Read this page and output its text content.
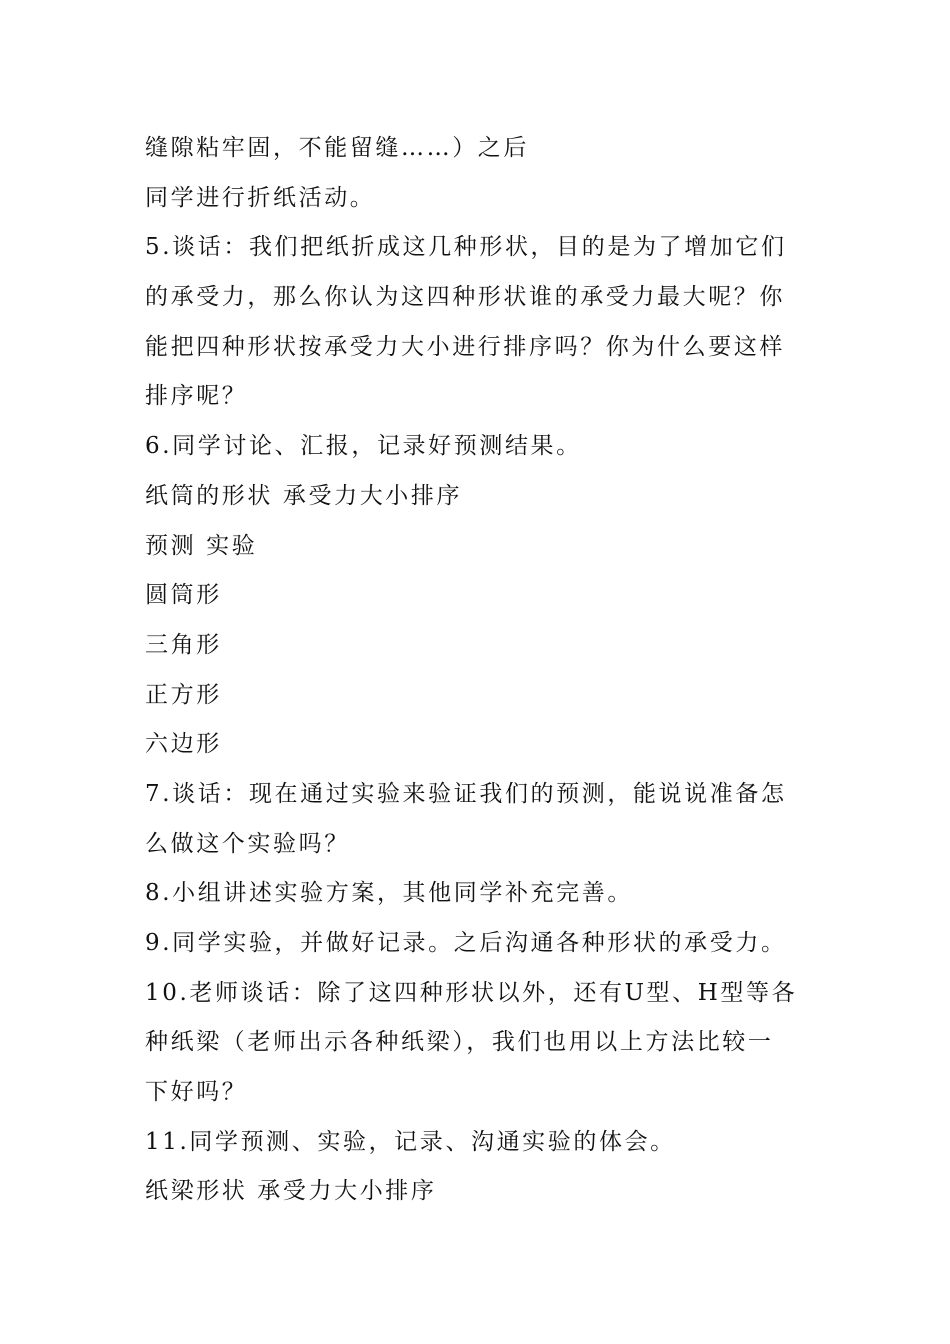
缝隙粘牢固，不能留缝……）之后
同学进行折纸活动。
5.谈话：我们把纸折成这几种形状，目的是为了增加它们
的承受力，那么你认为这四种形状谁的承受力最大呢？你
能把四种形状按承受力大小进行排序吗？你为什么要这样
排序呢？
6.同学讨论、汇报，记录好预测结果。
纸筒的形状 承受力大小排序
预测 实验
圆筒形
三角形
正方形
六边形
7.谈话：现在通过实验来验证我们的预测，能说说准备怎
么做这个实验吗？
8.小组讲述实验方案，其他同学补充完善。
9.同学实验，并做好记录。之后沟通各种形状的承受力。
10.老师谈话：除了这四种形状以外，还有U型、H型等各
种纸梁（老师出示各种纸梁），我们也用以上方法比较一
下好吗？
11.同学预测、实验，记录、沟通实验的体会。
纸梁形状 承受力大小排序
